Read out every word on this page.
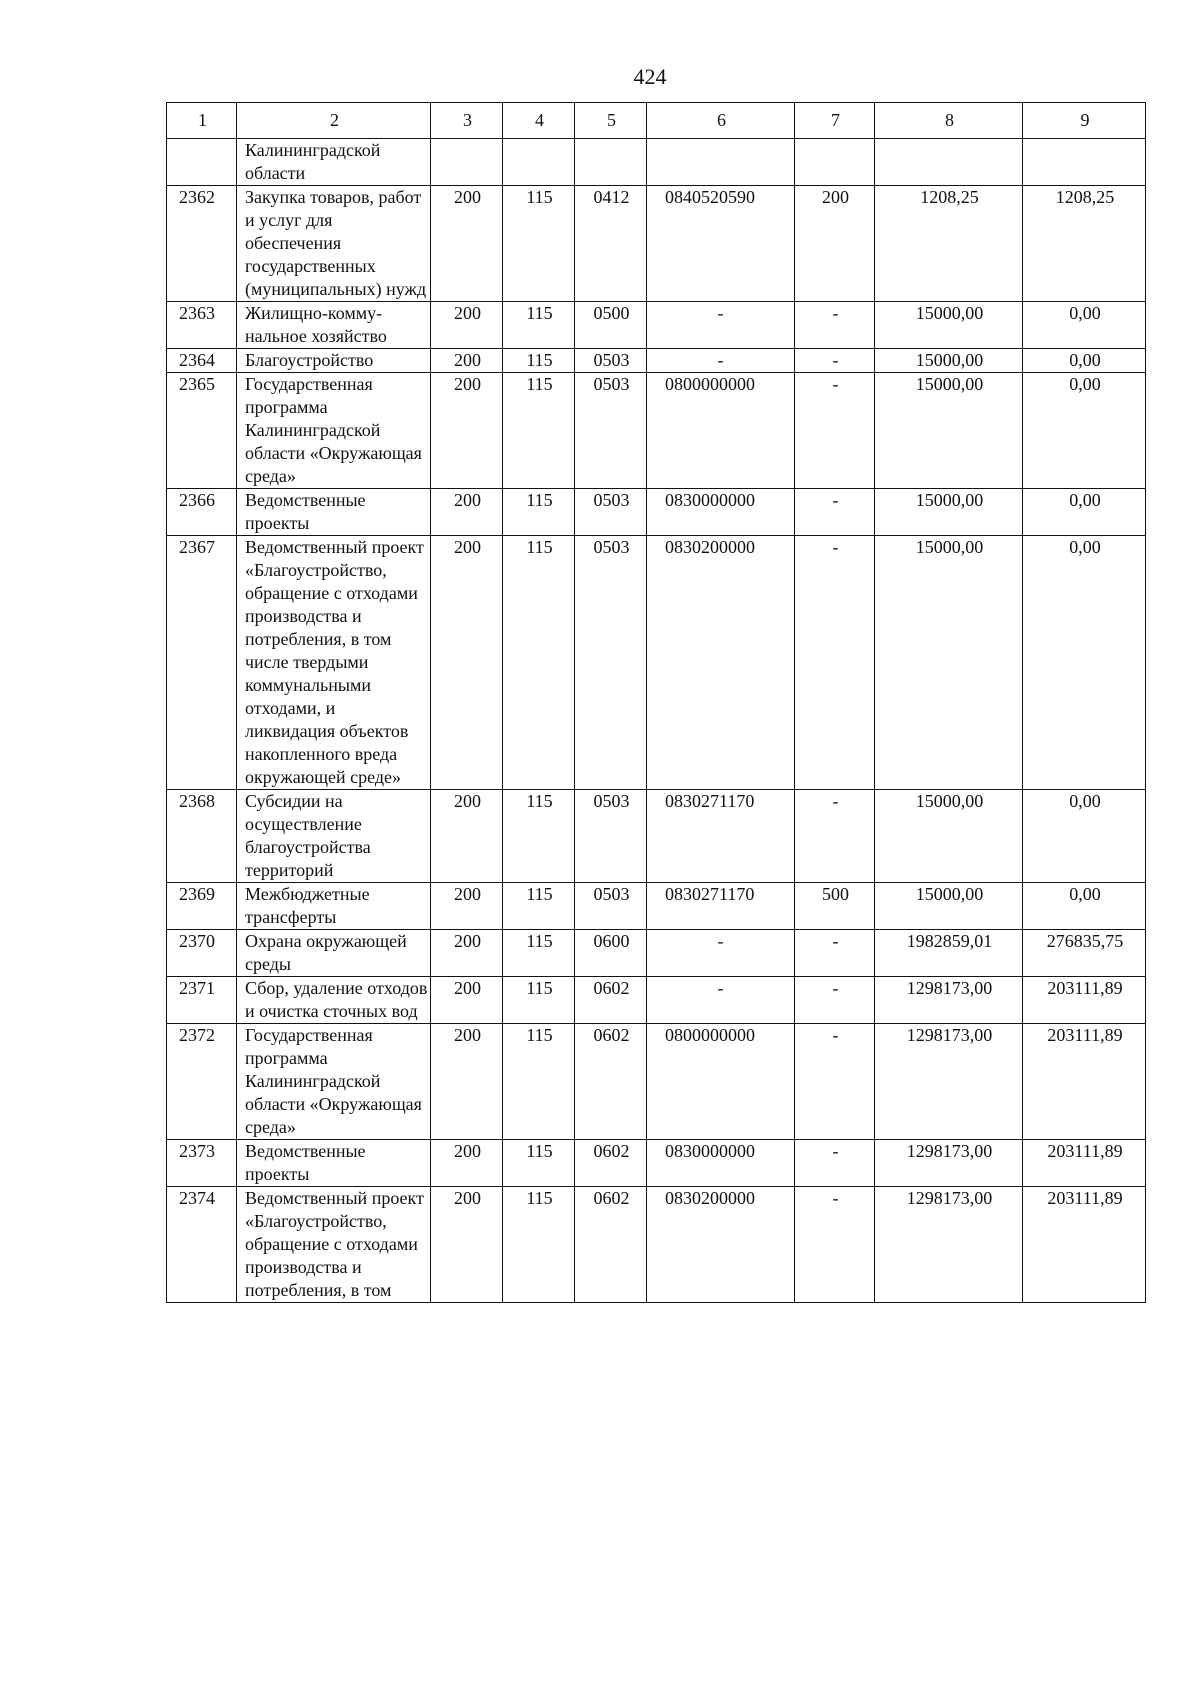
424
1	2	3	4	5	6	7	8	9
	Калининградской области							
2362	Закупка товаров, работ и услуг для обеспечения государственных (муниципальных) нужд	200	115	0412	0840520590	200	1208,25	1208,25
2363	Жилищно-комму-нальное хозяйство	200	115	0500	-	-	15000,00	0,00
2364	Благоустройство	200	115	0503	-	-	15000,00	0,00
2365	Государственная программа Калининградской области «Окружающая среда»	200	115	0503	0800000000	-	15000,00	0,00
2366	Ведомственные проекты	200	115	0503	0830000000	-	15000,00	0,00
2367	Ведомственный проект «Благоустройство, обращение с отходами производства и потребления, в том числе твердыми коммунальными отходами, и ликвидация объектов накопленного вреда окружающей среде»	200	115	0503	0830200000	-	15000,00	0,00
2368	Субсидии на осуществление благоустройства территорий	200	115	0503	0830271170	-	15000,00	0,00
2369	Межбюджетные трансферты	200	115	0503	0830271170	500	15000,00	0,00
2370	Охрана окружающей среды	200	115	0600	-	-	1982859,01	276835,75
2371	Сбор, удаление отходов и очистка сточных вод	200	115	0602	-	-	1298173,00	203111,89
2372	Государственная программа Калининградской области «Окружающая среда»	200	115	0602	0800000000	-	1298173,00	203111,89
2373	Ведомственные проекты	200	115	0602	0830000000	-	1298173,00	203111,89
2374	Ведомственный проект «Благоустройство, обращение с отходами производства и потребления, в том	200	115	0602	0830200000	-	1298173,00	203111,89
